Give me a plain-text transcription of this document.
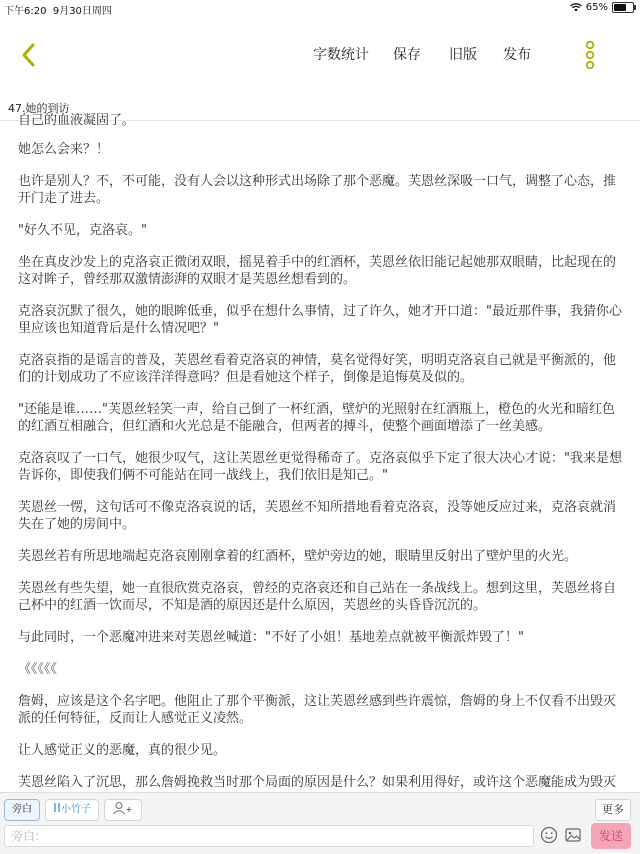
下午6:20 9月30日周四	65%
字数统计 保存 旧版 发布
47.她的到访
自己的血液凝固了。

她怎么会来？！

也许是别人？不，不可能，没有人会以这种形式出场除了那个恶魔。芙恩丝深吸一口气，调整了心态，推开门走了进去。

"好久不见，克洛哀。"

坐在真皮沙发上的克洛哀正微闭双眼，摇晃着手中的红酒杯，芙恩丝依旧能记起她那双眼睛，比起现在的这对眸子，曾经那双激情澎湃的双眼才是芙恩丝想看到的。

克洛哀沉默了很久，她的眼眸低垂，似乎在想什么事情，过了许久，她才开口道："最近那件事，我猜你心里应该也知道背后是什么情况吧？"

克洛哀指的是谣言的普及，芙恩丝看着克洛哀的神情，莫名觉得好笑，明明克洛哀自己就是平衡派的，他们的计划成功了不应该洋洋得意吗？但是看她这个样子，倒像是追悔莫及似的。

"还能是谁……"芙恩丝轻笑一声，给自己倒了一杯红酒，壁炉的光照射在红酒瓶上，橙色的火光和暗红色的红酒互相融合，但红酒和火光总是不能融合，但两者的搏斗，使整个画面增添了一丝美感。

克洛哀叹了一口气，她很少叹气，这让芙恩丝更觉得稀奇了。克洛哀似乎下定了很大决心才说："我来是想告诉你，即使我们俩不可能站在同一战线上，我们依旧是知己。"

芙恩丝一愣，这句话可不像克洛哀说的话，芙恩丝不知所措地看着克洛哀，没等她反应过来，克洛哀就消失在了她的房间中。

芙恩丝若有所思地端起克洛哀刚刚拿着的红酒杯，壁炉旁边的她，眼睛里反射出了壁炉里的火光。

芙恩丝有些失望，她一直很欣赏克洛哀，曾经的克洛哀还和自己站在一条战线上。想到这里，芙恩丝将自己杯中的红酒一饮而尽，不知是酒的原因还是什么原因，芙恩丝的头昏昏沉沉的。

与此同时，一个恶魔冲进来对芙恩丝喊道："不好了小姐！基地差点就被平衡派炸毁了！"

《《《《《

詹姆，应该是这个名字吧。他阻止了那个平衡派，这让芙恩丝感到些许震惊，詹姆的身上不仅看不出毁灭派的任何特征，反而让人感觉正义凌然。

让人感觉正义的恶魔，真的很少见。

芙恩丝陷入了沉思，那么詹姆挽救当时那个局面的原因是什么？如果利用得好，或许这个恶魔能成为毁灭

旁白	小竹子	更多
旁白:
发送
